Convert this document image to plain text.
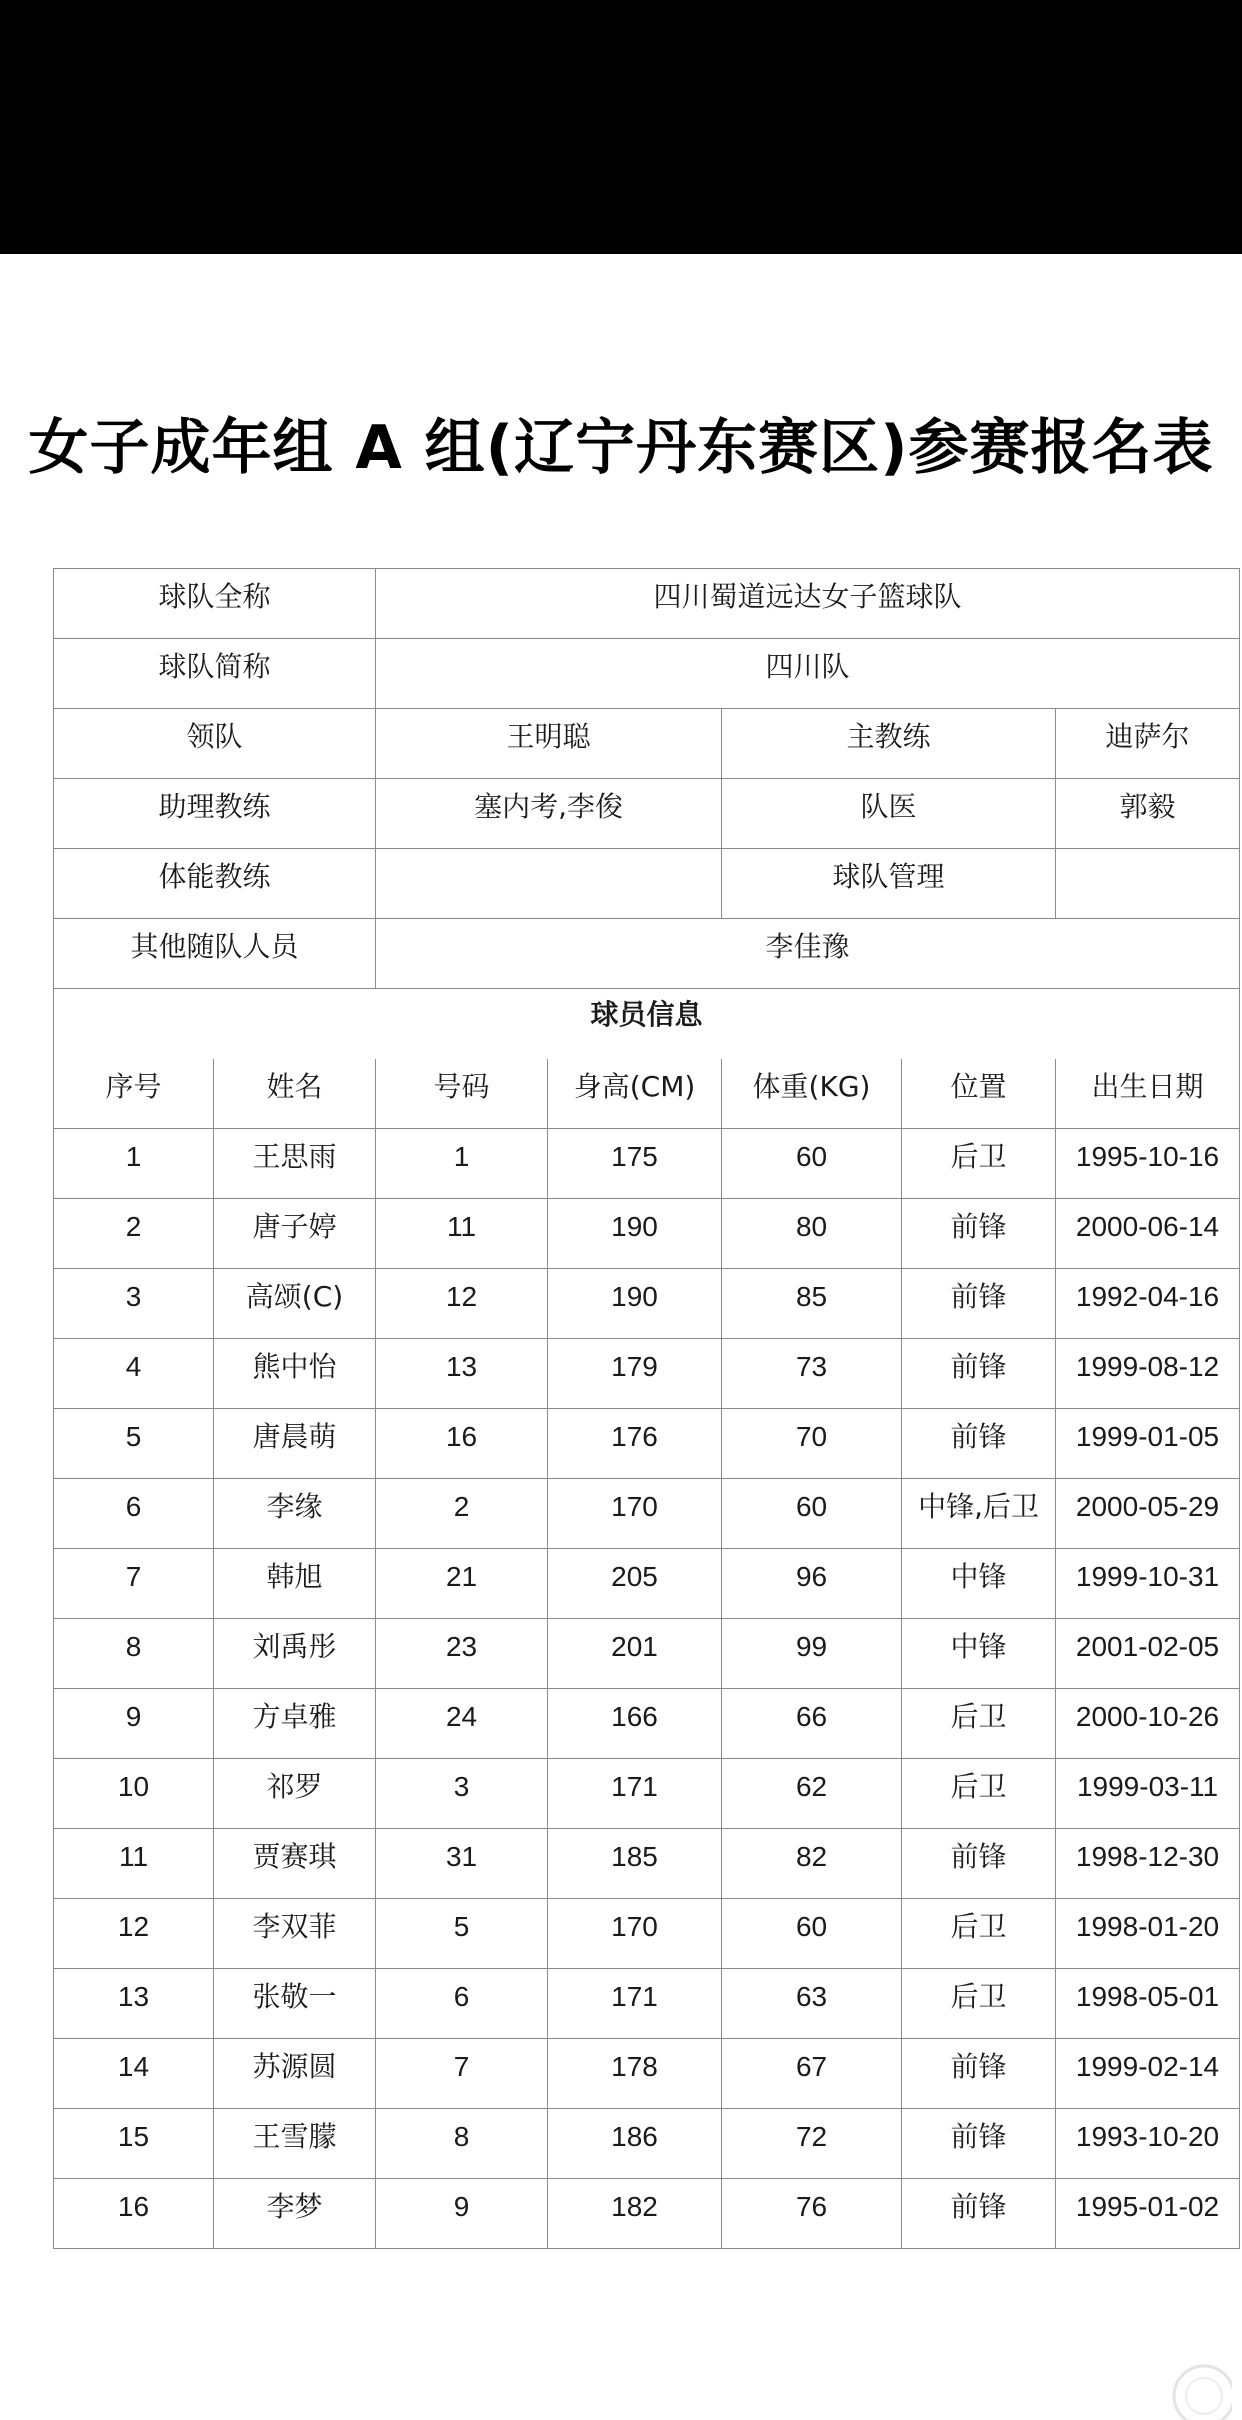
女子成年组 A 组(辽宁丹东赛区)参赛报名表
球队全称		四川蜀道远达女子篮球队				
球队简称		四川队				
领队		王明聪		主教练		迪萨尔
助理教练		塞内考,李俊		队医		郭毅
体能教练				球队管理		
其他随队人员		李佳豫				
球员信息						
序号	姓名	号码	身高(CM)	体重(KG)	位置	出生日期
1	王思雨	1	175	60	后卫	1995-10-16
2	唐子婷	11	190	80	前锋	2000-06-14
3	高颂(C)	12	190	85	前锋	1992-04-16
4	熊中怡	13	179	73	前锋	1999-08-12
5	唐晨萌	16	176	70	前锋	1999-01-05
6	李缘	2	170	60	中锋,后卫	2000-05-29
7	韩旭	21	205	96	中锋	1999-10-31
8	刘禹彤	23	201	99	中锋	2001-02-05
9	方卓雅	24	166	66	后卫	2000-10-26
10	祁罗	3	171	62	后卫	1999-03-11
11	贾赛琪	31	185	82	前锋	1998-12-30
12	李双菲	5	170	60	后卫	1998-01-20
13	张敬一	6	171	63	后卫	1998-05-01
14	苏源圆	7	178	67	前锋	1999-02-14
15	王雪朦	8	186	72	前锋	1993-10-20
16	李梦	9	182	76	前锋	1995-01-02
